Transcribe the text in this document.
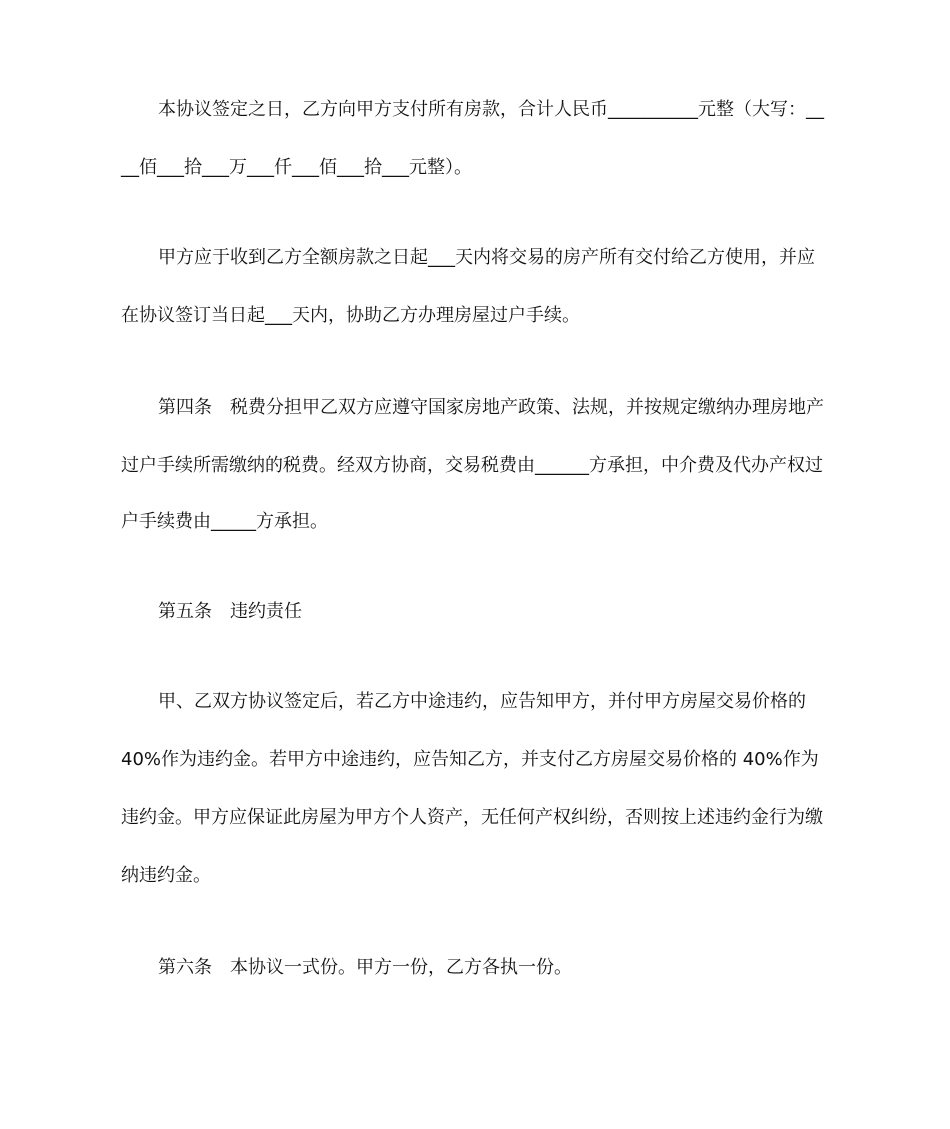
本协议签定之日，乙方向甲方支付所有房款，合计人民币__________元整（大写：__
__佰___拾___万___仟___佰___拾___元整）。
甲方应于收到乙方全额房款之日起___天内将交易的房产所有交付给乙方使用，并应
在协议签订当日起___天内，协助乙方办理房屋过户手续。
第四条　税费分担甲乙双方应遵守国家房地产政策、法规，并按规定缴纳办理房地产
过户手续所需缴纳的税费。经双方协商，交易税费由______方承担，中介费及代办产权过
户手续费由_____方承担。
第五条　违约责任
甲、乙双方协议签定后，若乙方中途违约，应告知甲方，并付甲方房屋交易价格的
40%作为违约金。若甲方中途违约，应告知乙方，并支付乙方房屋交易价格的 40%作为
违约金。甲方应保证此房屋为甲方个人资产，无任何产权纠纷，否则按上述违约金行为缴
纳违约金。
第六条　本协议一式份。甲方一份，乙方各执一份。
